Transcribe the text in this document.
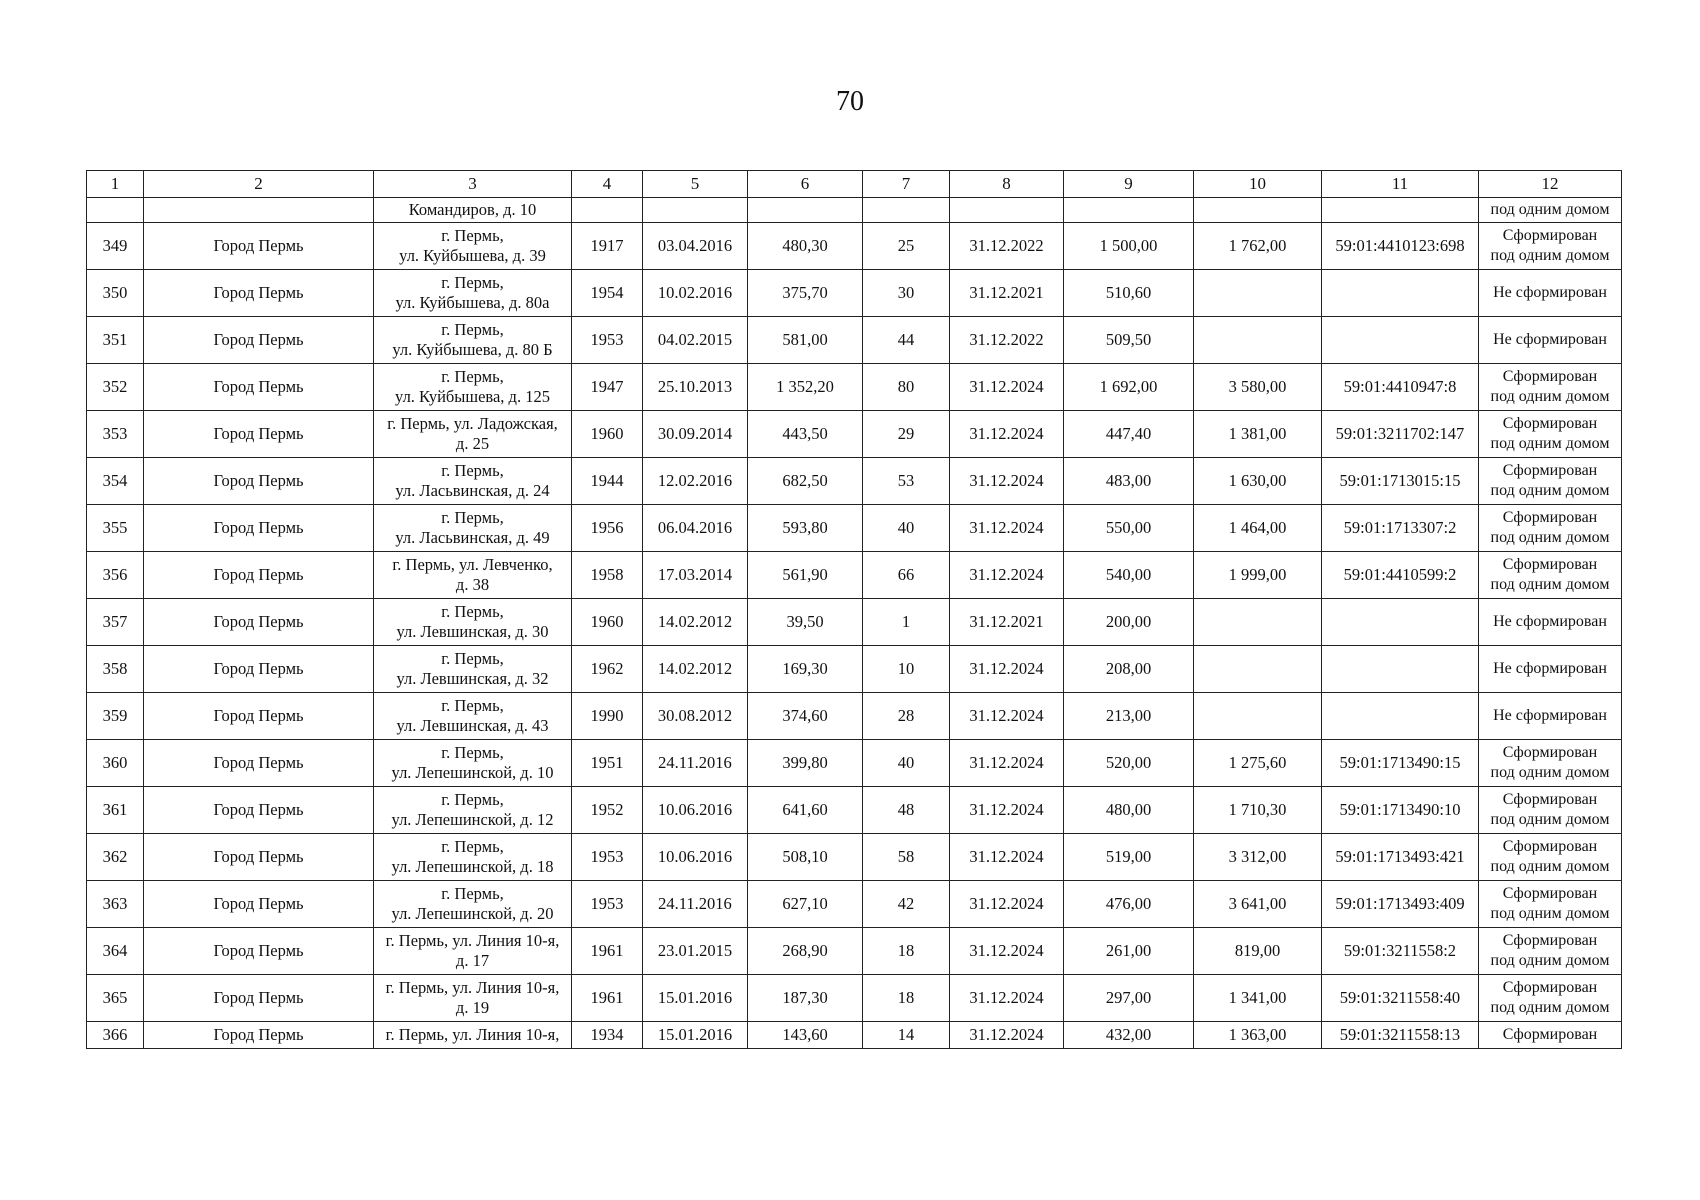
70
1	2	3	4	5	6	7	8	9	10	11	12
		Командиров, д. 10									под одним домом
349	Город Пермь	г. Пермь,
ул. Куйбышева, д. 39	1917	03.04.2016	480,30	25	31.12.2022	1 500,00	1 762,00	59:01:4410123:698	Сформирован
под одним домом

350	Город Пермь	г. Пермь,
ул. Куйбышева, д. 80а	1954	10.02.2016	375,70	30	31.12.2021	510,60			Не сформирован

351	Город Пермь	г. Пермь,
ул. Куйбышева, д. 80 Б	1953	04.02.2015	581,00	44	31.12.2022	509,50			Не сформирован

352	Город Пермь	г. Пермь,
ул. Куйбышева, д. 125	1947	25.10.2013	1 352,20	80	31.12.2024	1 692,00	3 580,00	59:01:4410947:8	Сформирован
под одним домом

353	Город Пермь	г. Пермь, ул. Ладожская,
д. 25	1960	30.09.2014	443,50	29	31.12.2024	447,40	1 381,00	59:01:3211702:147	Сформирован
под одним домом

354	Город Пермь	г. Пермь,
ул. Ласьвинская, д. 24	1944	12.02.2016	682,50	53	31.12.2024	483,00	1 630,00	59:01:1713015:15	Сформирован
под одним домом

355	Город Пермь	г. Пермь,
ул. Ласьвинская, д. 49	1956	06.04.2016	593,80	40	31.12.2024	550,00	1 464,00	59:01:1713307:2	Сформирован
под одним домом

356	Город Пермь	г. Пермь, ул. Левченко,
д. 38	1958	17.03.2014	561,90	66	31.12.2024	540,00	1 999,00	59:01:4410599:2	Сформирован
под одним домом

357	Город Пермь	г. Пермь,
ул. Левшинская, д. 30	1960	14.02.2012	39,50	1	31.12.2021	200,00			Не сформирован

358	Город Пермь	г. Пермь,
ул. Левшинская, д. 32	1962	14.02.2012	169,30	10	31.12.2024	208,00			Не сформирован

359	Город Пермь	г. Пермь,
ул. Левшинская, д. 43	1990	30.08.2012	374,60	28	31.12.2024	213,00			Не сформирован

360	Город Пермь	г. Пермь,
ул. Лепешинской, д. 10	1951	24.11.2016	399,80	40	31.12.2024	520,00	1 275,60	59:01:1713490:15	Сформирован
под одним домом

361	Город Пермь	г. Пермь,
ул. Лепешинской, д. 12	1952	10.06.2016	641,60	48	31.12.2024	480,00	1 710,30	59:01:1713490:10	Сформирован
под одним домом

362	Город Пермь	г. Пермь,
ул. Лепешинской, д. 18	1953	10.06.2016	508,10	58	31.12.2024	519,00	3 312,00	59:01:1713493:421	Сформирован
под одним домом

363	Город Пермь	г. Пермь,
ул. Лепешинской, д. 20	1953	24.11.2016	627,10	42	31.12.2024	476,00	3 641,00	59:01:1713493:409	Сформирован
под одним домом

364	Город Пермь	г. Пермь, ул. Линия 10-я,
д. 17	1961	23.01.2015	268,90	18	31.12.2024	261,00	819,00	59:01:3211558:2	Сформирован
под одним домом

365	Город Пермь	г. Пермь, ул. Линия 10-я,
д. 19	1961	15.01.2016	187,30	18	31.12.2024	297,00	1 341,00	59:01:3211558:40	Сформирован
под одним домом

366	Город Пермь	г. Пермь, ул. Линия 10-я,	1934	15.01.2016	143,60	14	31.12.2024	432,00	1 363,00	59:01:3211558:13	Сформирован
